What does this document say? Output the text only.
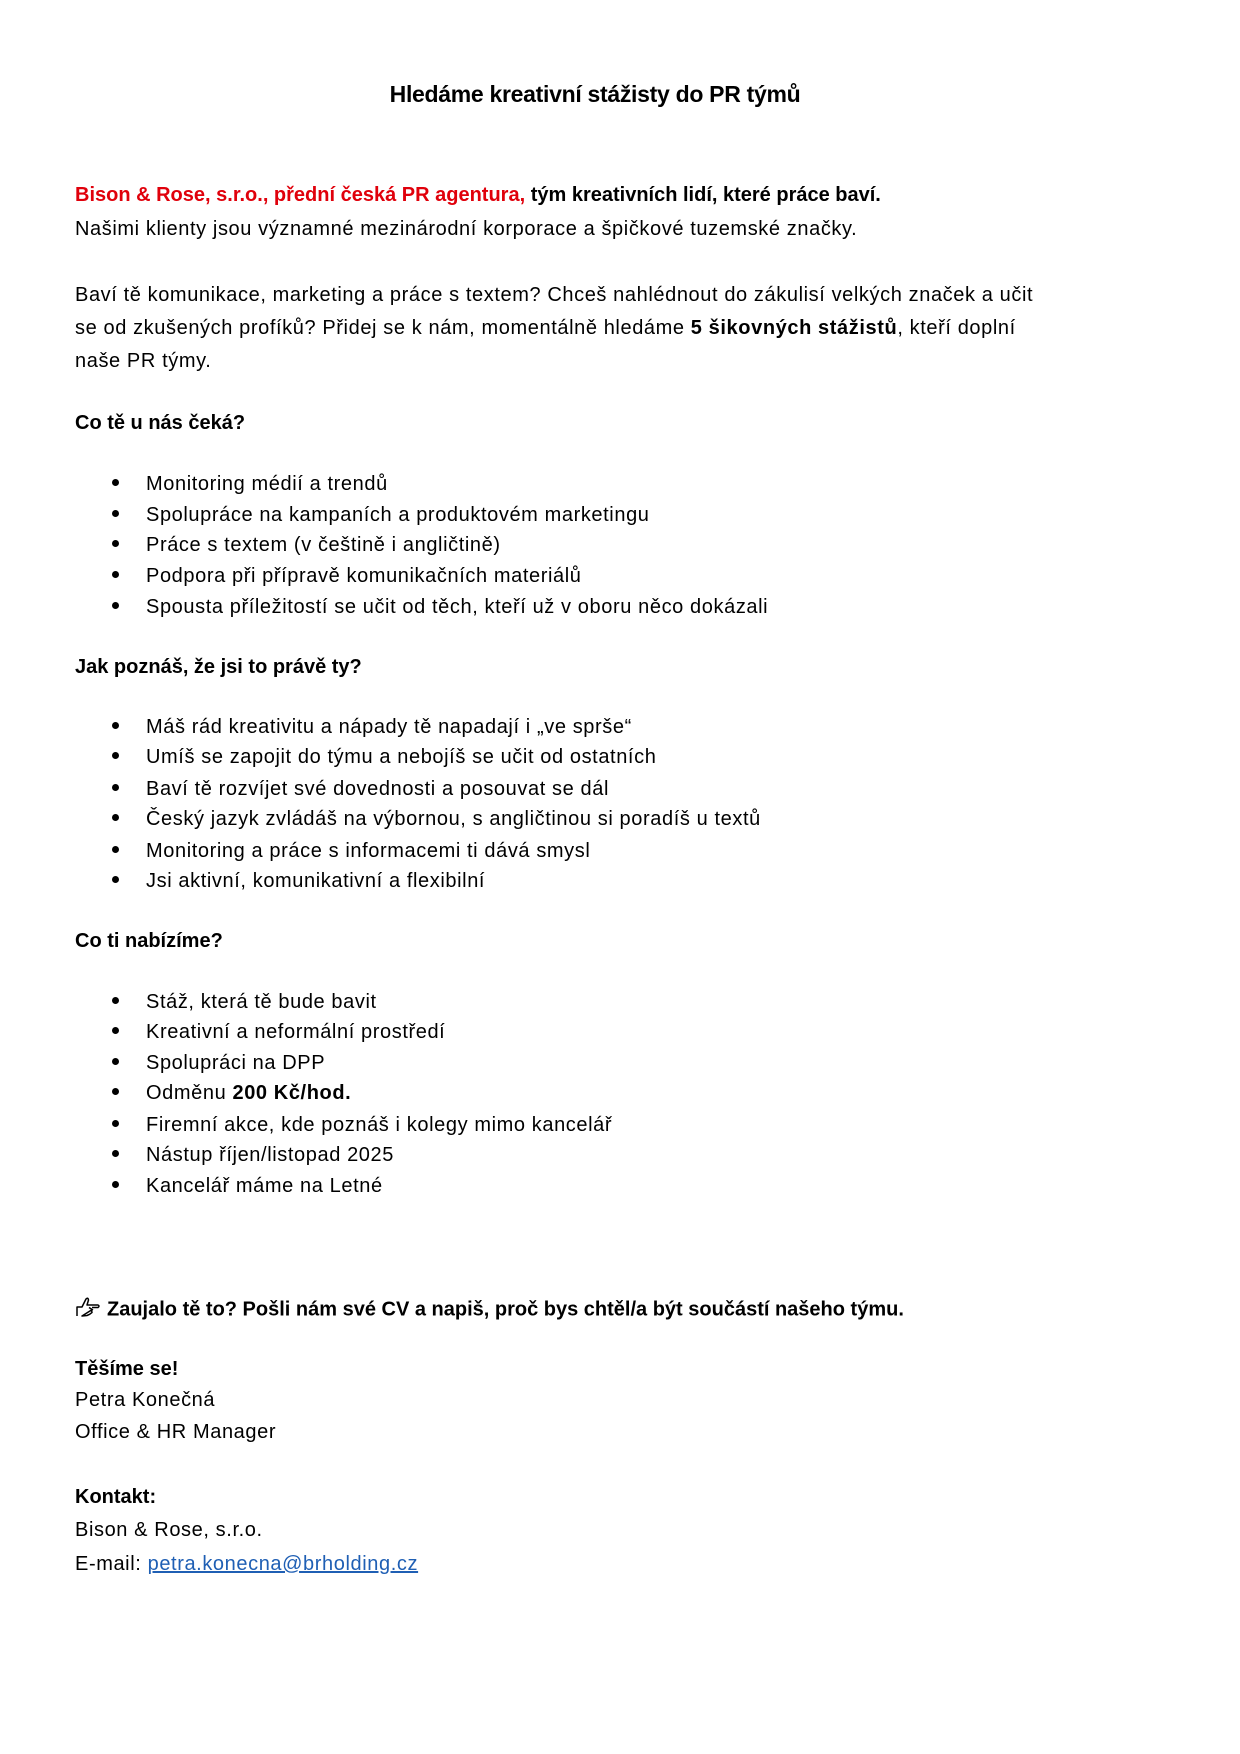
Hledáme kreativní stážisty do PR týmů
Bison & Rose, s.r.o., přední česká PR agentura, tým kreativních lidí, které práce baví.
Našimi klienty jsou významné mezinárodní korporace a špičkové tuzemské značky.
Baví tě komunikace, marketing a práce s textem? Chceš nahlédnout do zákulisí velkých značek a učit
se od zkušených profíků? Přidej se k nám, momentálně hledáme 5 šikovných stážistů, kteří doplní
naše PR týmy.
Co tě u nás čeká?
Monitoring médií a trendů
Spolupráce na kampaních a produktovém marketingu
Práce s textem (v češtině i angličtině)
Podpora při přípravě komunikačních materiálů
Spousta příležitostí se učit od těch, kteří už v oboru něco dokázali
Jak poznáš, že jsi to právě ty?
Máš rád kreativitu a nápady tě napadají i „ve sprše“
Umíš se zapojit do týmu a nebojíš se učit od ostatních
Baví tě rozvíjet své dovednosti a posouvat se dál
Český jazyk zvládáš na výbornou, s angličtinou si poradíš u textů
Monitoring a práce s informacemi ti dává smysl
Jsi aktivní, komunikativní a flexibilní
Co ti nabízíme?
Stáž, která tě bude bavit
Kreativní a neformální prostředí
Spolupráci na DPP
Odměnu 200 Kč/hod.
Firemní akce, kde poznáš i kolegy mimo kancelář
Nástup říjen/listopad 2025
Kancelář máme na Letné
Zaujalo tě to? Pošli nám své CV a napiš, proč bys chtěl/a být součástí našeho týmu.
Těšíme se!
Petra Konečná
Office & HR Manager
Kontakt:
Bison & Rose, s.r.o.
E-mail: petra.konecna@brholding.cz
